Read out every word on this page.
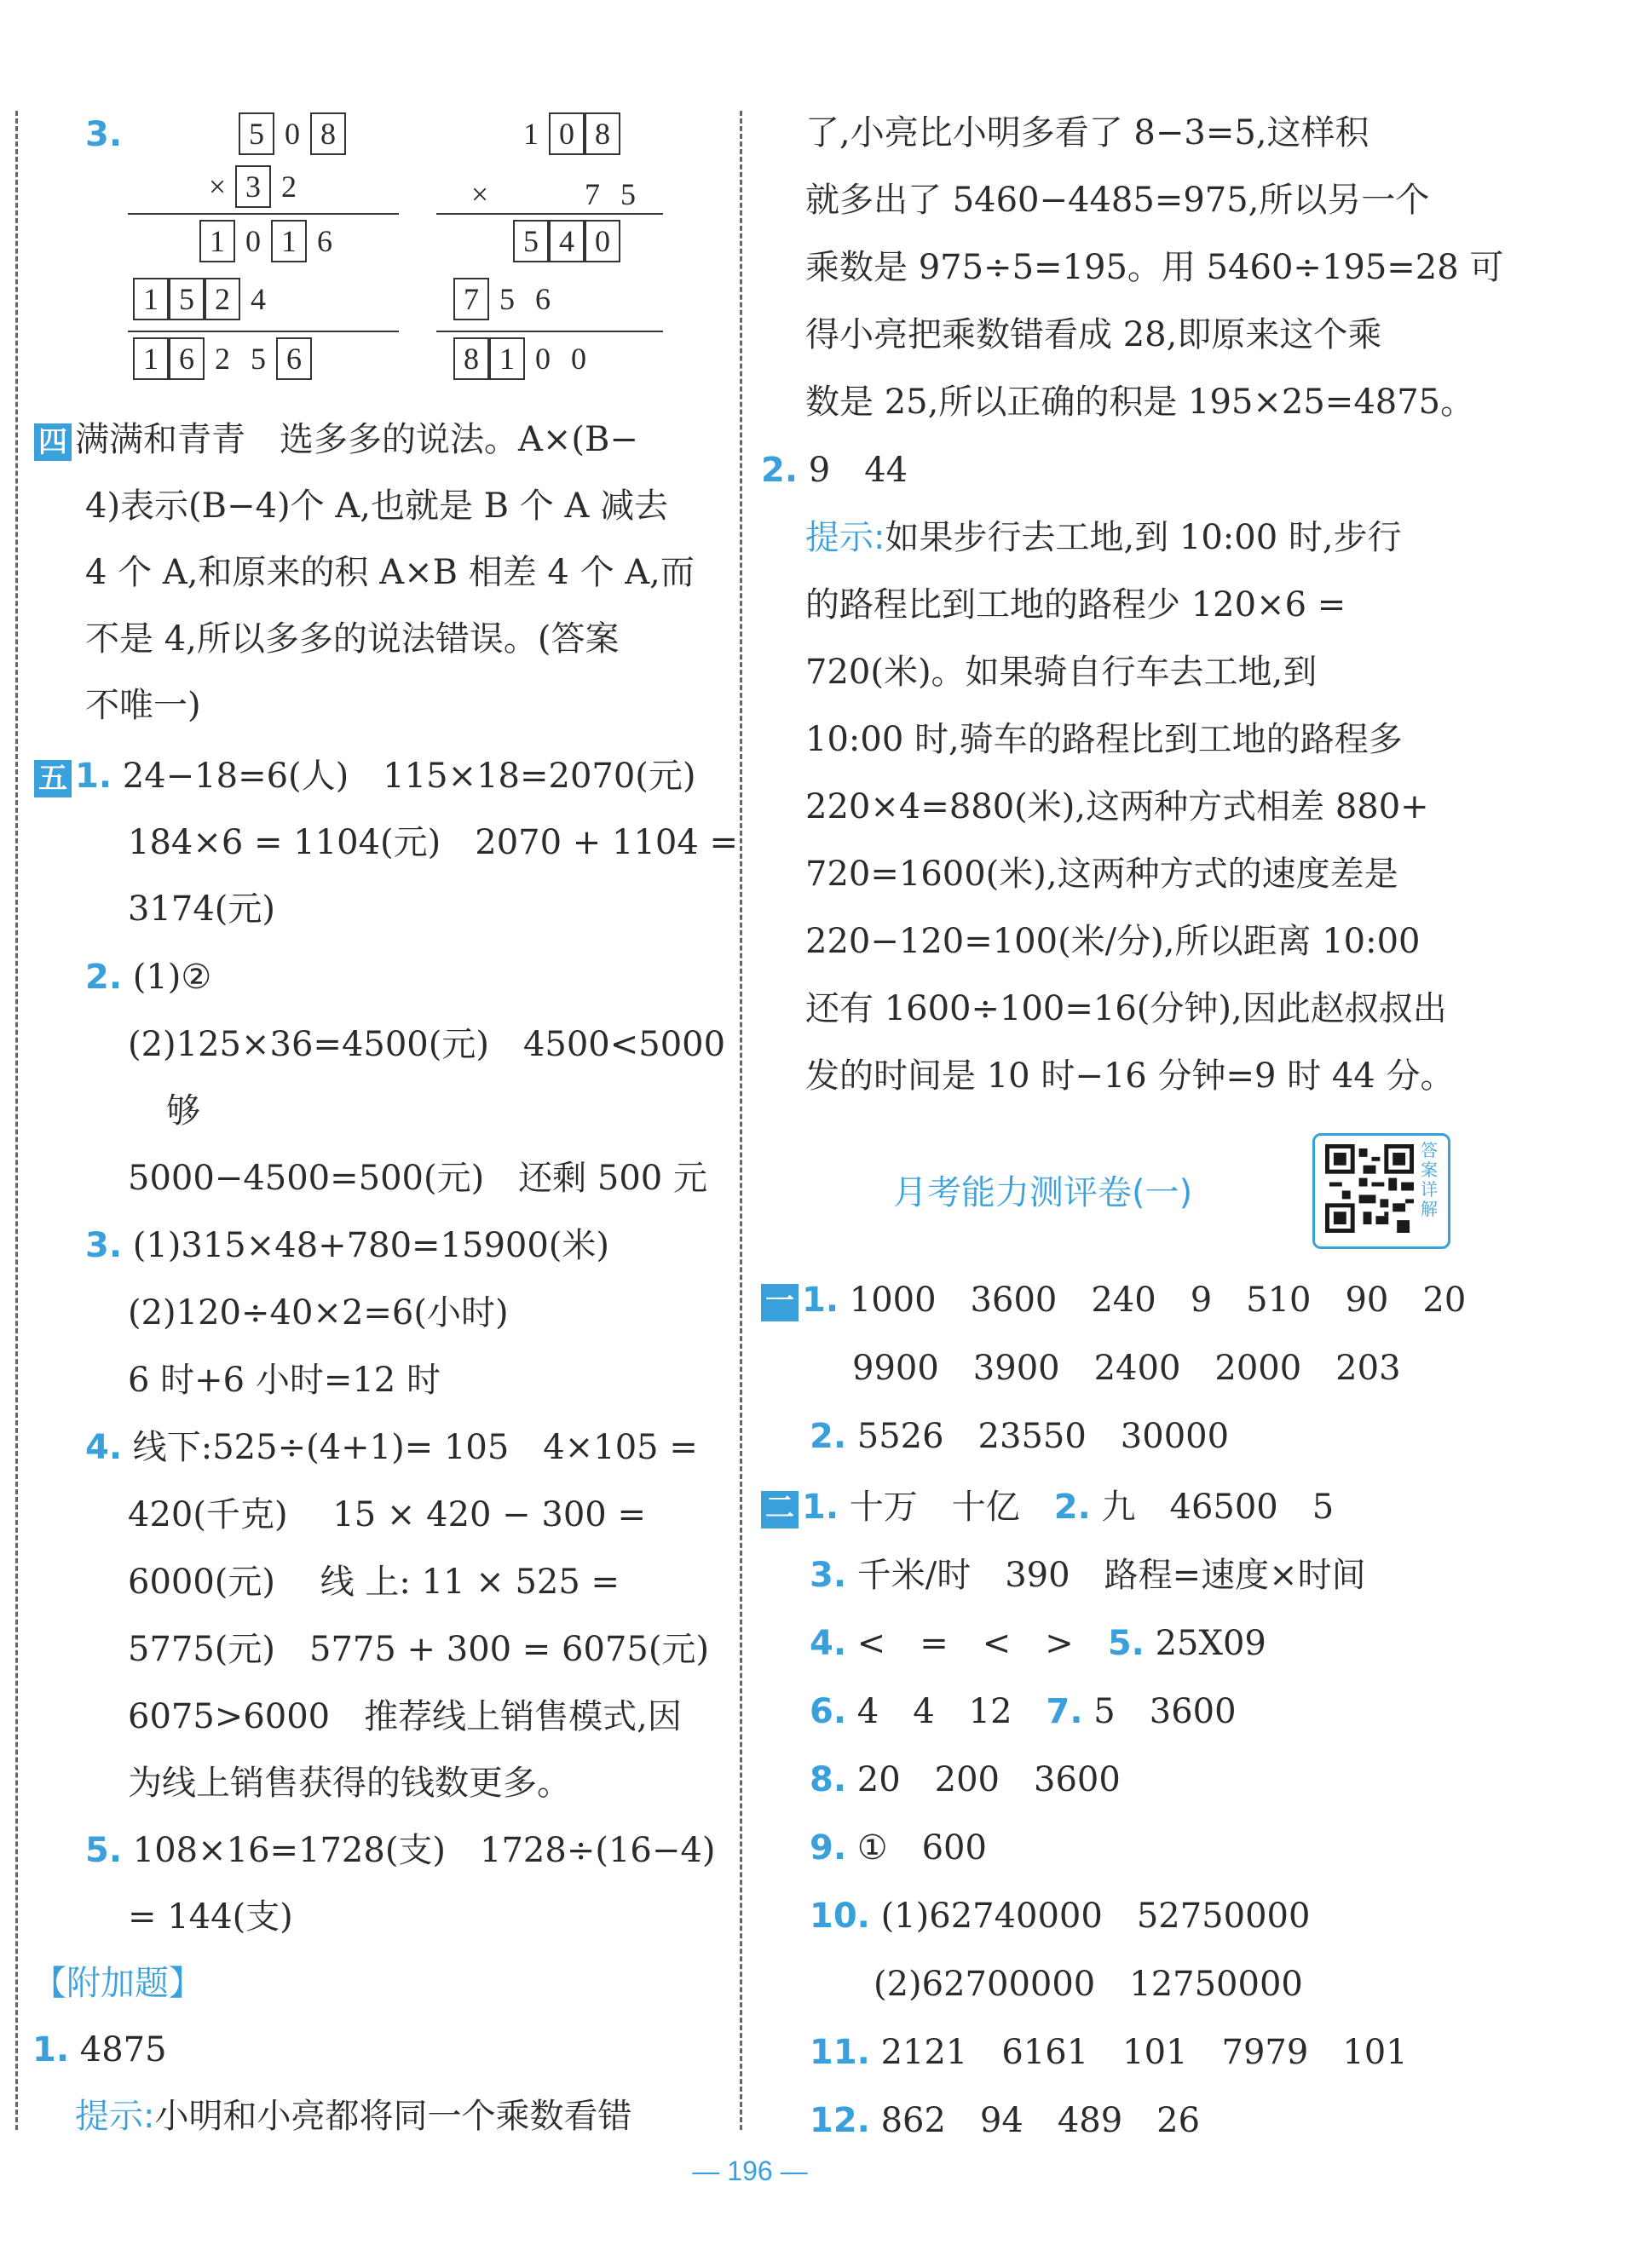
3.	5 0 8
× 3 2
1 0 1 6
1 5 2 4
1 6 2 5 6
1 0 8
×	7 5
5 4 0
7 5 6
8 1 0 0
四 满满和青青　选多多的说法。A×(B−
4)表示(B−4)个 A,也就是 B 个 A 减去
4 个 A,和原来的积 A×B 相差 4 个 A,而
不是 4,所以多多的说法错误。(答案
不唯一)
五 1. 24−18=6(人)　115×18=2070(元)
184×6 = 1104(元)　2070 + 1104 =
3174(元)
2. (1)②
(2)125×36=4500(元)　4500<5000
够
5000−4500=500(元)　还剩 500 元
3. (1)315×48+780=15900(米)
(2)120÷40×2=6(小时)
6 时+6 小时=12 时
4. 线下:525÷(4+1)= 105　4×105 =
420(千克)　 15 × 420 − 300 =
6000(元)　 线 上: 11 × 525 =
5775(元)　5775 + 300 = 6075(元)
6075>6000　推荐线上销售模式,因
为线上销售获得的钱数更多。
5. 108×16=1728(支)　1728÷(16−4)
= 144(支)
【附加题】
1. 4875
提示:小明和小亮都将同一个乘数看错
了,小亮比小明多看了 8−3=5,这样积
就多出了 5460−4485=975,所以另一个
乘数是 975÷5=195。用 5460÷195=28 可
得小亮把乘数错看成 28,即原来这个乘
数是 25,所以正确的积是 195×25=4875。
2. 9　44
提示:如果步行去工地,到 10:00 时,步行
的路程比到工地的路程少 120×6 =
720(米)。如果骑自行车去工地,到
10:00 时,骑车的路程比到工地的路程多
220×4=880(米),这两种方式相差 880+
720=1600(米),这两种方式的速度差是
220−120=100(米/分),所以距离 10:00
还有 1600÷100=16(分钟),因此赵叔叔出
发的时间是 10 时−16 分钟=9 时 44 分。
月考能力测评卷(一)
答案详解
一 1. 1000　3600　240　9　510　90　20
9900　3900　2400　2000　203
2. 5526　23550　30000
二 1. 十万　十亿　 2. 九　46500　5
3. 千米/时　390　路程=速度×时间
4. <　=　<　>　 5. 25X09
6. 4　4　12　 7. 5　3600
8. 20　200　3600
9. ①　600
10. (1)62740000　52750000
(2)62700000　12750000
11. 2121　6161　101　7979　101
12. 862　94　489　26
— 196 —
